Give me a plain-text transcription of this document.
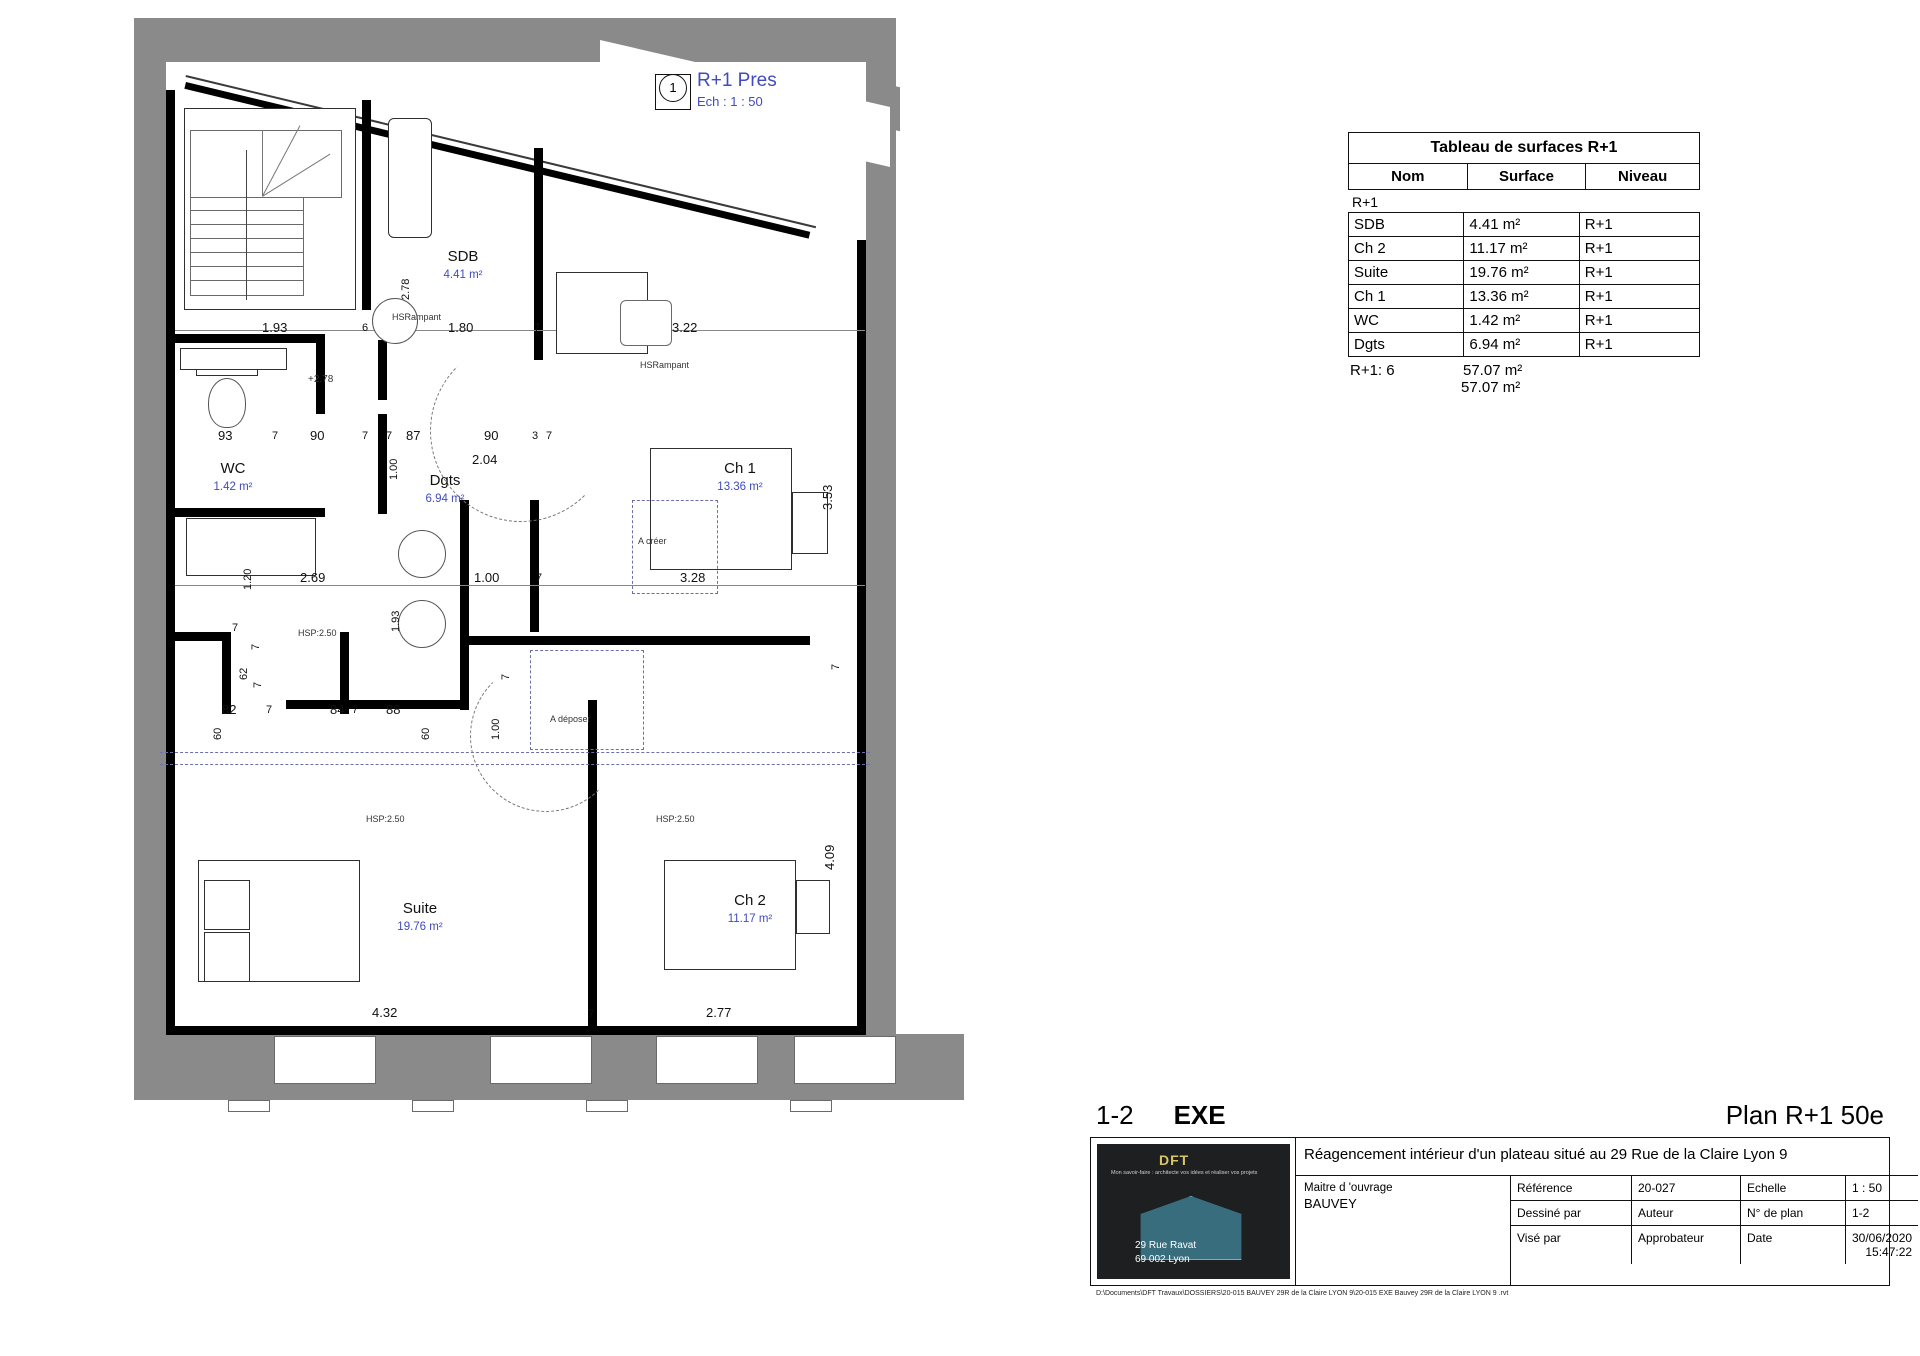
A créer
A déposer
SDB
4.41 m²
WC
1.42 m²	Dgts
6.94 m²
Ch 1
13.36 m²
Suite
19.76 m²
Ch 2
11.17 m²
HSRampant
HSRampant
HSP:2.50
HSP:2.50	HSP:2.50
+2.78
1.93	6	1.80	7	3.22
93	7 90	7 7 87	90	3 7
2.04
3.53
2.69	1.00	7	3.28
82	7	84 7 88
60	60
2.78
1.00
1.20
1.93
62
7
1.00
7
7
4.09
4.32	7	2.77
7
7
1	R+1 Pres
Ech : 1 : 50
Tableau de surfaces R+1
Nom	Surface	Niveau
R+1
SDB	4.41 m²	R+1
Ch 2	11.17 m²	R+1
Suite	19.76 m²	R+1
Ch 1	13.36 m²	R+1
WC	1.42 m²	R+1
Dgts	6.94 m²	R+1
R+1: 6	57.07 m²
57.07 m²
1-2 EXE	Plan R+1 50e
DFT
Mon savoir-faire : architecte vos idées et réaliser vos projets
29 Rue Ravat
69 002 Lyon
Réagencement intérieur d'un plateau situé au 29 Rue de la Claire Lyon 9
Maitre d 'ouvrage
BAUVEY
Référence	20-027	Echelle	1 : 50
Dessiné par	Auteur	N° de plan	1-2
Visé par	Approbateur	Date	30/06/2020
15:47:22
D:\Documents\DFT Travaux\DOSSIERS\20-015 BAUVEY 29R de la Claire LYON 9\20-015 EXE Bauvey 29R de la Claire LYON 9 .rvt
